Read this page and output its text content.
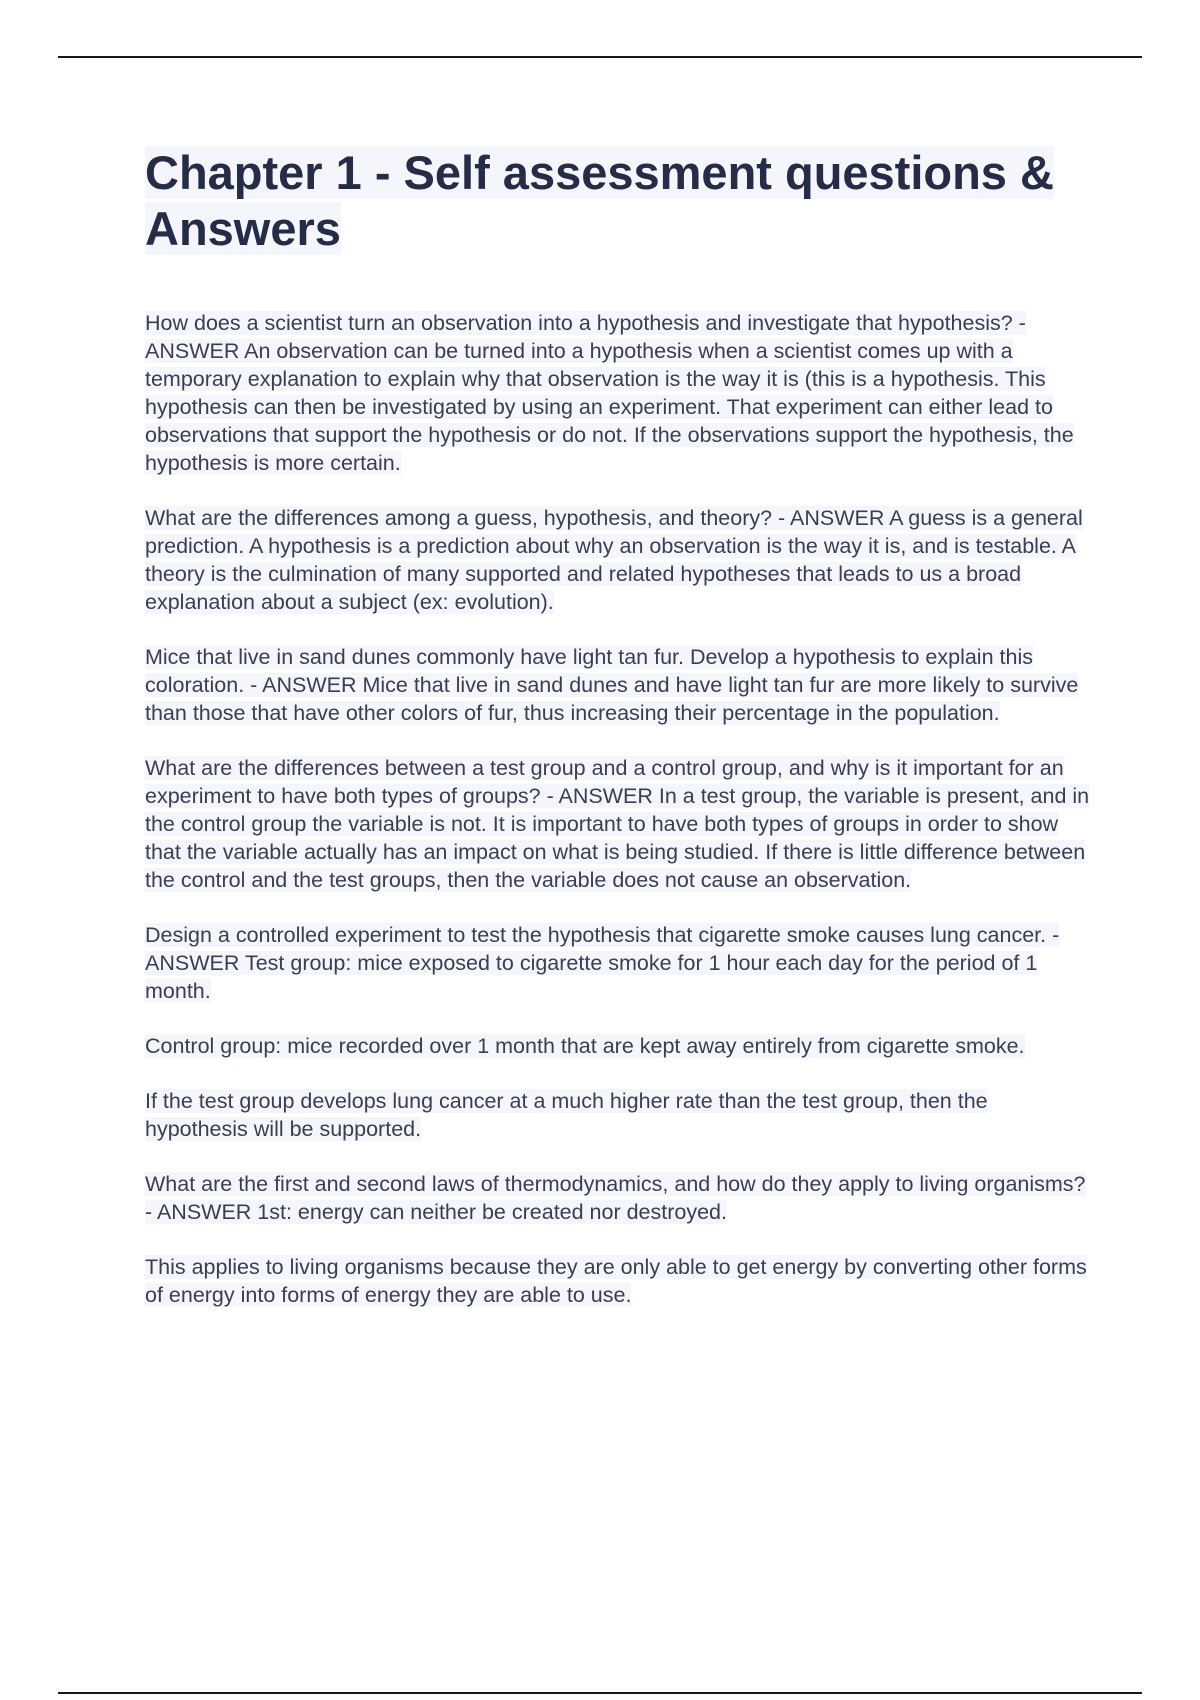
Chapter 1 - Self assessment questions & Answers

How does a scientist turn an observation into a hypothesis and investigate that hypothesis? - ANSWER An observation can be turned into a hypothesis when a scientist comes up with a temporary explanation to explain why that observation is the way it is (this is a hypothesis. This hypothesis can then be investigated by using an experiment. That experiment can either lead to observations that support the hypothesis or do not. If the observations support the hypothesis, the hypothesis is more certain.

What are the differences among a guess, hypothesis, and theory? - ANSWER A guess is a general prediction. A hypothesis is a prediction about why an observation is the way it is, and is testable. A theory is the culmination of many supported and related hypotheses that leads to us a broad explanation about a subject (ex: evolution).

Mice that live in sand dunes commonly have light tan fur. Develop a hypothesis to explain this coloration. - ANSWER Mice that live in sand dunes and have light tan fur are more likely to survive than those that have other colors of fur, thus increasing their percentage in the population.

What are the differences between a test group and a control group, and why is it important for an experiment to have both types of groups? - ANSWER In a test group, the variable is present, and in the control group the variable is not. It is important to have both types of groups in order to show that the variable actually has an impact on what is being studied. If there is little difference between the control and the test groups, then the variable does not cause an observation.

Design a controlled experiment to test the hypothesis that cigarette smoke causes lung cancer. - ANSWER Test group: mice exposed to cigarette smoke for 1 hour each day for the period of 1 month.

Control group: mice recorded over 1 month that are kept away entirely from cigarette smoke.

If the test group develops lung cancer at a much higher rate than the test group, then the hypothesis will be supported.

What are the first and second laws of thermodynamics, and how do they apply to living organisms? - ANSWER 1st: energy can neither be created nor destroyed.

This applies to living organisms because they are only able to get energy by converting other forms of energy into forms of energy they are able to use.
